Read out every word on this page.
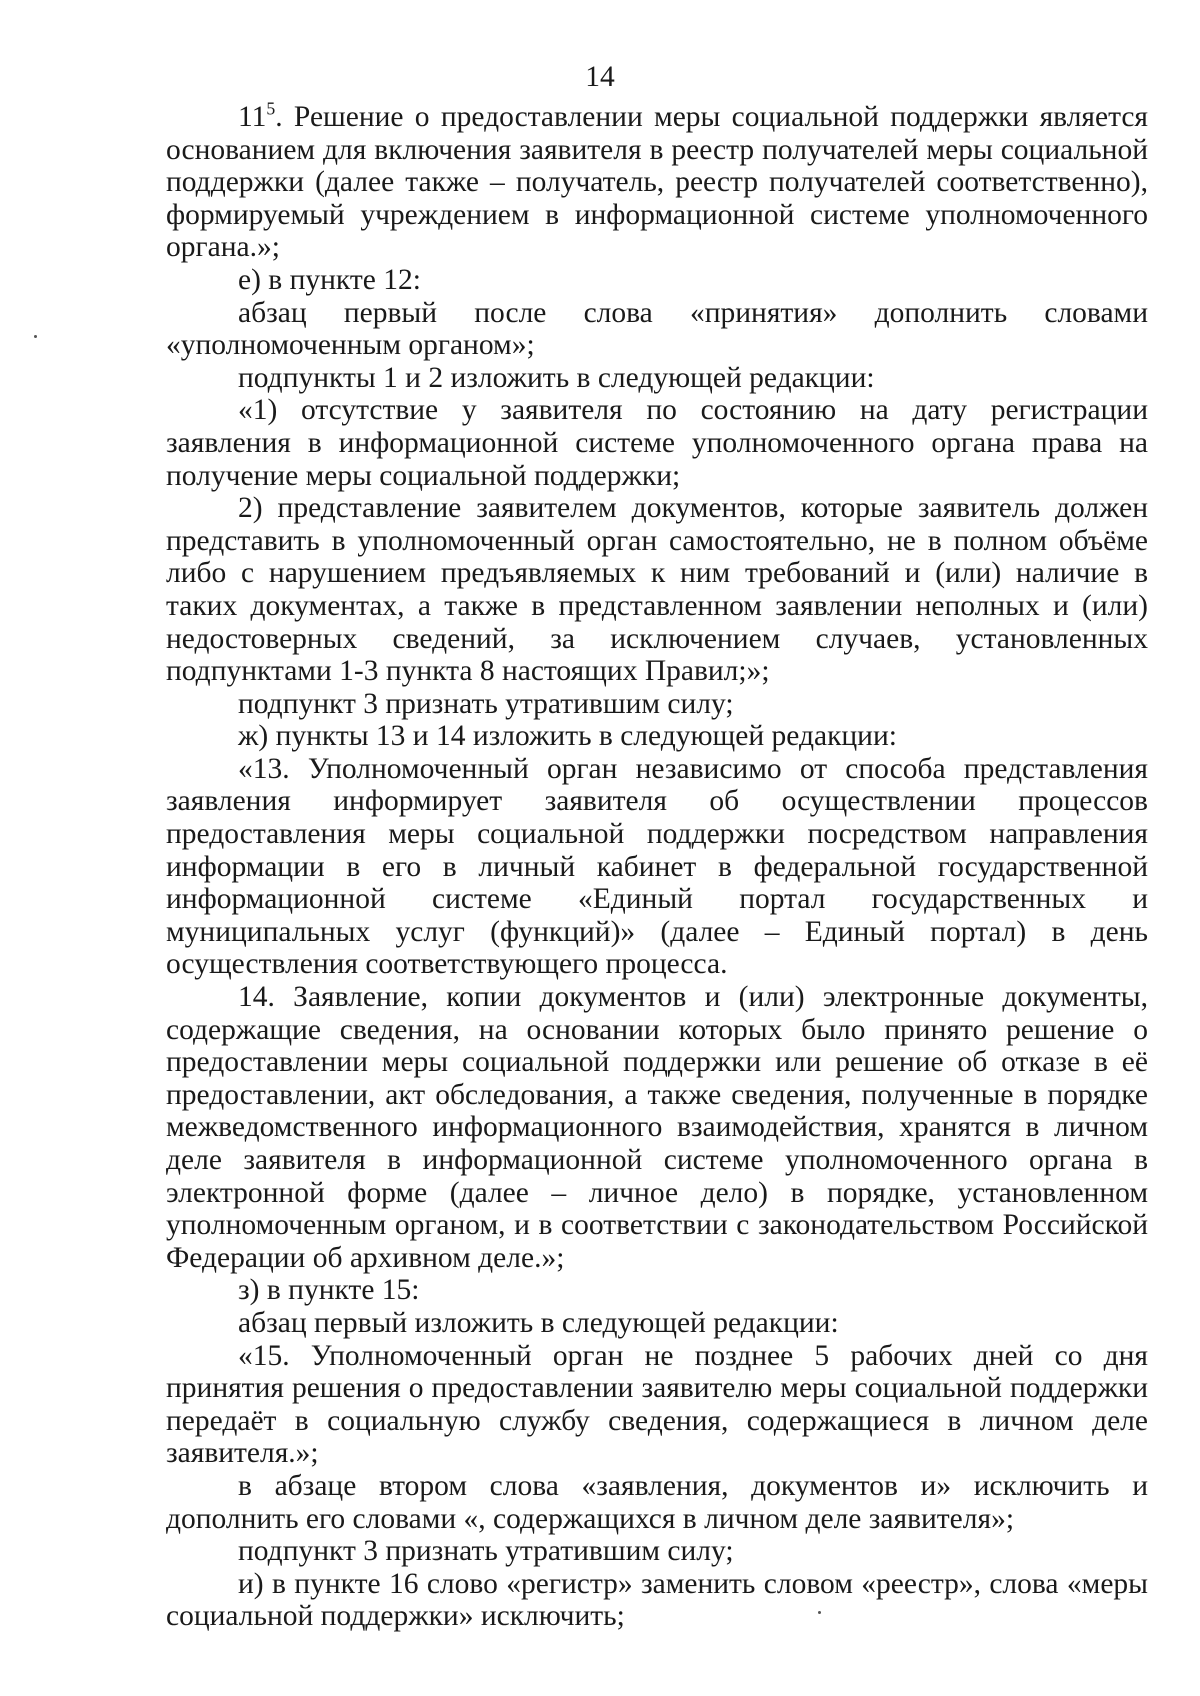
14

$11^5$. Решение о предоставлении меры социальной поддержки является основанием для включения заявителя в реестр получателей меры социальной поддержки (далее также – получатель, реестр получателей соответственно), формируемый учреждением в информационной системе уполномоченного органа.»;

е) в пункте 12:

абзац первый после слова «принятия» дополнить словами «уполномоченным органом»;

подпункты 1 и 2 изложить в следующей редакции:

«1) отсутствие у заявителя по состоянию на дату регистрации заявления в информационной системе уполномоченного органа права на получение меры социальной поддержки;

2) представление заявителем документов, которые заявитель должен представить в уполномоченный орган самостоятельно, не в полном объёме либо с нарушением предъявляемых к ним требований и (или) наличие в таких документах, а также в представленном заявлении неполных и (или) недостоверных сведений, за исключением случаев, установленных подпунктами 1-3 пункта 8 настоящих Правил;»;

подпункт 3 признать утратившим силу;

ж) пункты 13 и 14 изложить в следующей редакции:

«13. Уполномоченный орган независимо от способа представления заявления информирует заявителя об осуществлении процессов предоставления меры социальной поддержки посредством направления информации в его в личный кабинет в федеральной государственной информационной системе «Единый портал государственных и муниципальных услуг (функций)» (далее – Единый портал) в день осуществления соответствующего процесса.

14. Заявление, копии документов и (или) электронные документы, содержащие сведения, на основании которых было принято решение о предоставлении меры социальной поддержки или решение об отказе в её предоставлении, акт обследования, а также сведения, полученные в порядке межведомственного информационного взаимодействия, хранятся в личном деле заявителя в информационной системе уполномоченного органа в электронной форме (далее – личное дело) в порядке, установленном уполномоченным органом, и в соответствии с законодательством Российской Федерации об архивном деле.»;

з) в пункте 15:

абзац первый изложить в следующей редакции:

«15. Уполномоченный орган не позднее 5 рабочих дней со дня принятия решения о предоставлении заявителю меры социальной поддержки передаёт в социальную службу сведения, содержащиеся в личном деле заявителя.»;

в абзаце втором слова «заявления, документов и» исключить и дополнить его словами «, содержащихся в личном деле заявителя»;

подпункт 3 признать утратившим силу;

и) в пункте 16 слово «регистр» заменить словом «реестр», слова «меры социальной поддержки» исключить;
